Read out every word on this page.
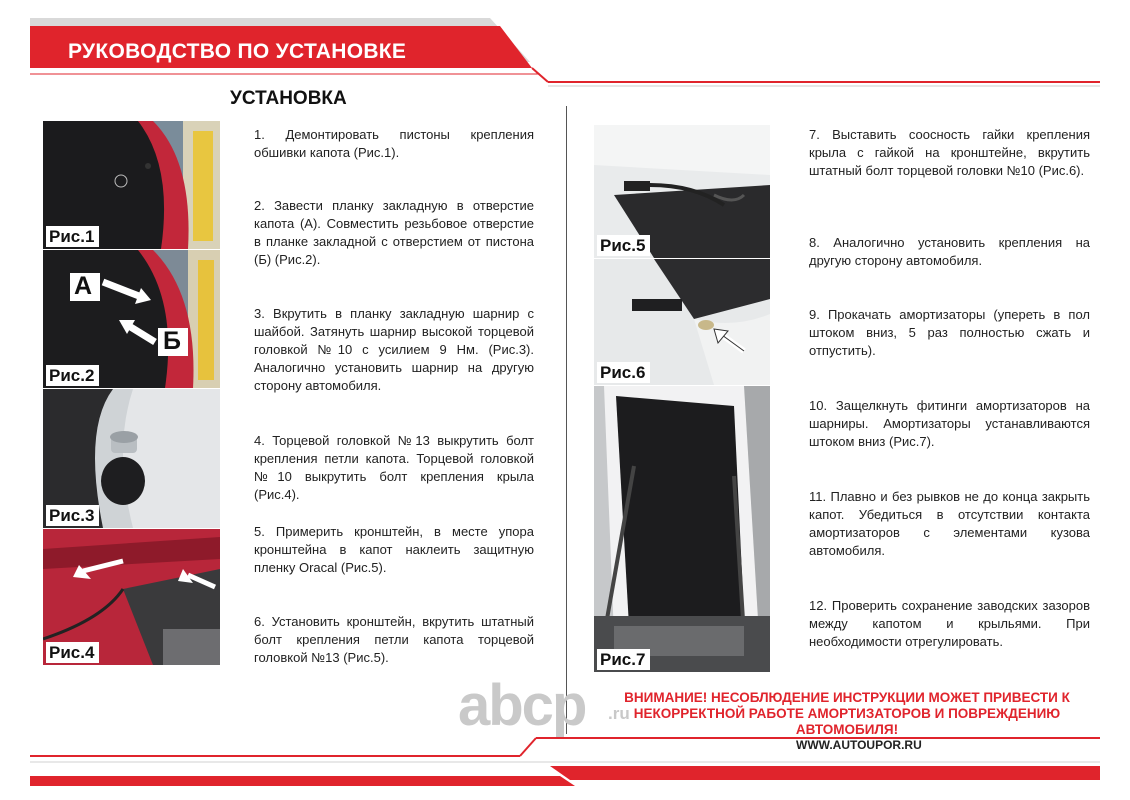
РУКОВОДСТВО ПО УСТАНОВКЕ
УСТАНОВКА
Рис.1
А
Б
Рис.2
Рис.3
Рис.4
Рис.5
Рис.6
Рис.7
1. Демонтировать пистоны крепления обшивки капота (Рис.1).
2. Завести планку закладную в отверстие капота (А). Совместить резьбовое отверстие в планке закладной с отверстием от пистона (Б) (Рис.2).
3. Вкрутить в планку закладную шарнир с шайбой. Затянуть шарнир высокой торцевой головкой №10 с усилием 9 Нм. (Рис.3). Аналогично установить шарнир на другую сторону автомобиля.
4. Торцевой головкой №13 выкрутить болт крепления петли капота. Торцевой головкой №10 выкрутить болт крепления крыла (Рис.4).
5. Примерить кронштейн, в месте упора кронштейна в капот наклеить защитную пленку Oracal (Рис.5).
6. Установить кронштейн, вкрутить штатный болт крепления петли капота торцевой головкой №13 (Рис.5).
7. Выставить соосность гайки крепления крыла с гайкой на кронштейне, вкрутить штатный болт торцевой головки №10 (Рис.6).
8. Аналогично установить крепления на другую сторону автомобиля.
9. Прокачать амортизаторы (упереть в пол штоком вниз, 5 раз полностью сжать и отпустить).
10. Защелкнуть фитинги амортизаторов на шарниры. Амортизаторы устанавливаются штоком вниз (Рис.7).
11. Плавно и без рывков не до конца закрыть капот. Убедиться в отсутствии контакта амортизаторов с элементами кузова автомобиля.
12. Проверить сохранение заводских зазоров между капотом и крыльями. При необходимости отрегулировать.
abcp .ru
ВНИМАНИЕ! НЕСОБЛЮДЕНИЕ ИНСТРУКЦИИ МОЖЕТ ПРИВЕСТИ К НЕКОРРЕКТНОЙ РАБОТЕ АМОРТИЗАТОРОВ И ПОВРЕЖДЕНИЮ АВТОМОБИЛЯ!
WWW.AUTOUPOR.RU
